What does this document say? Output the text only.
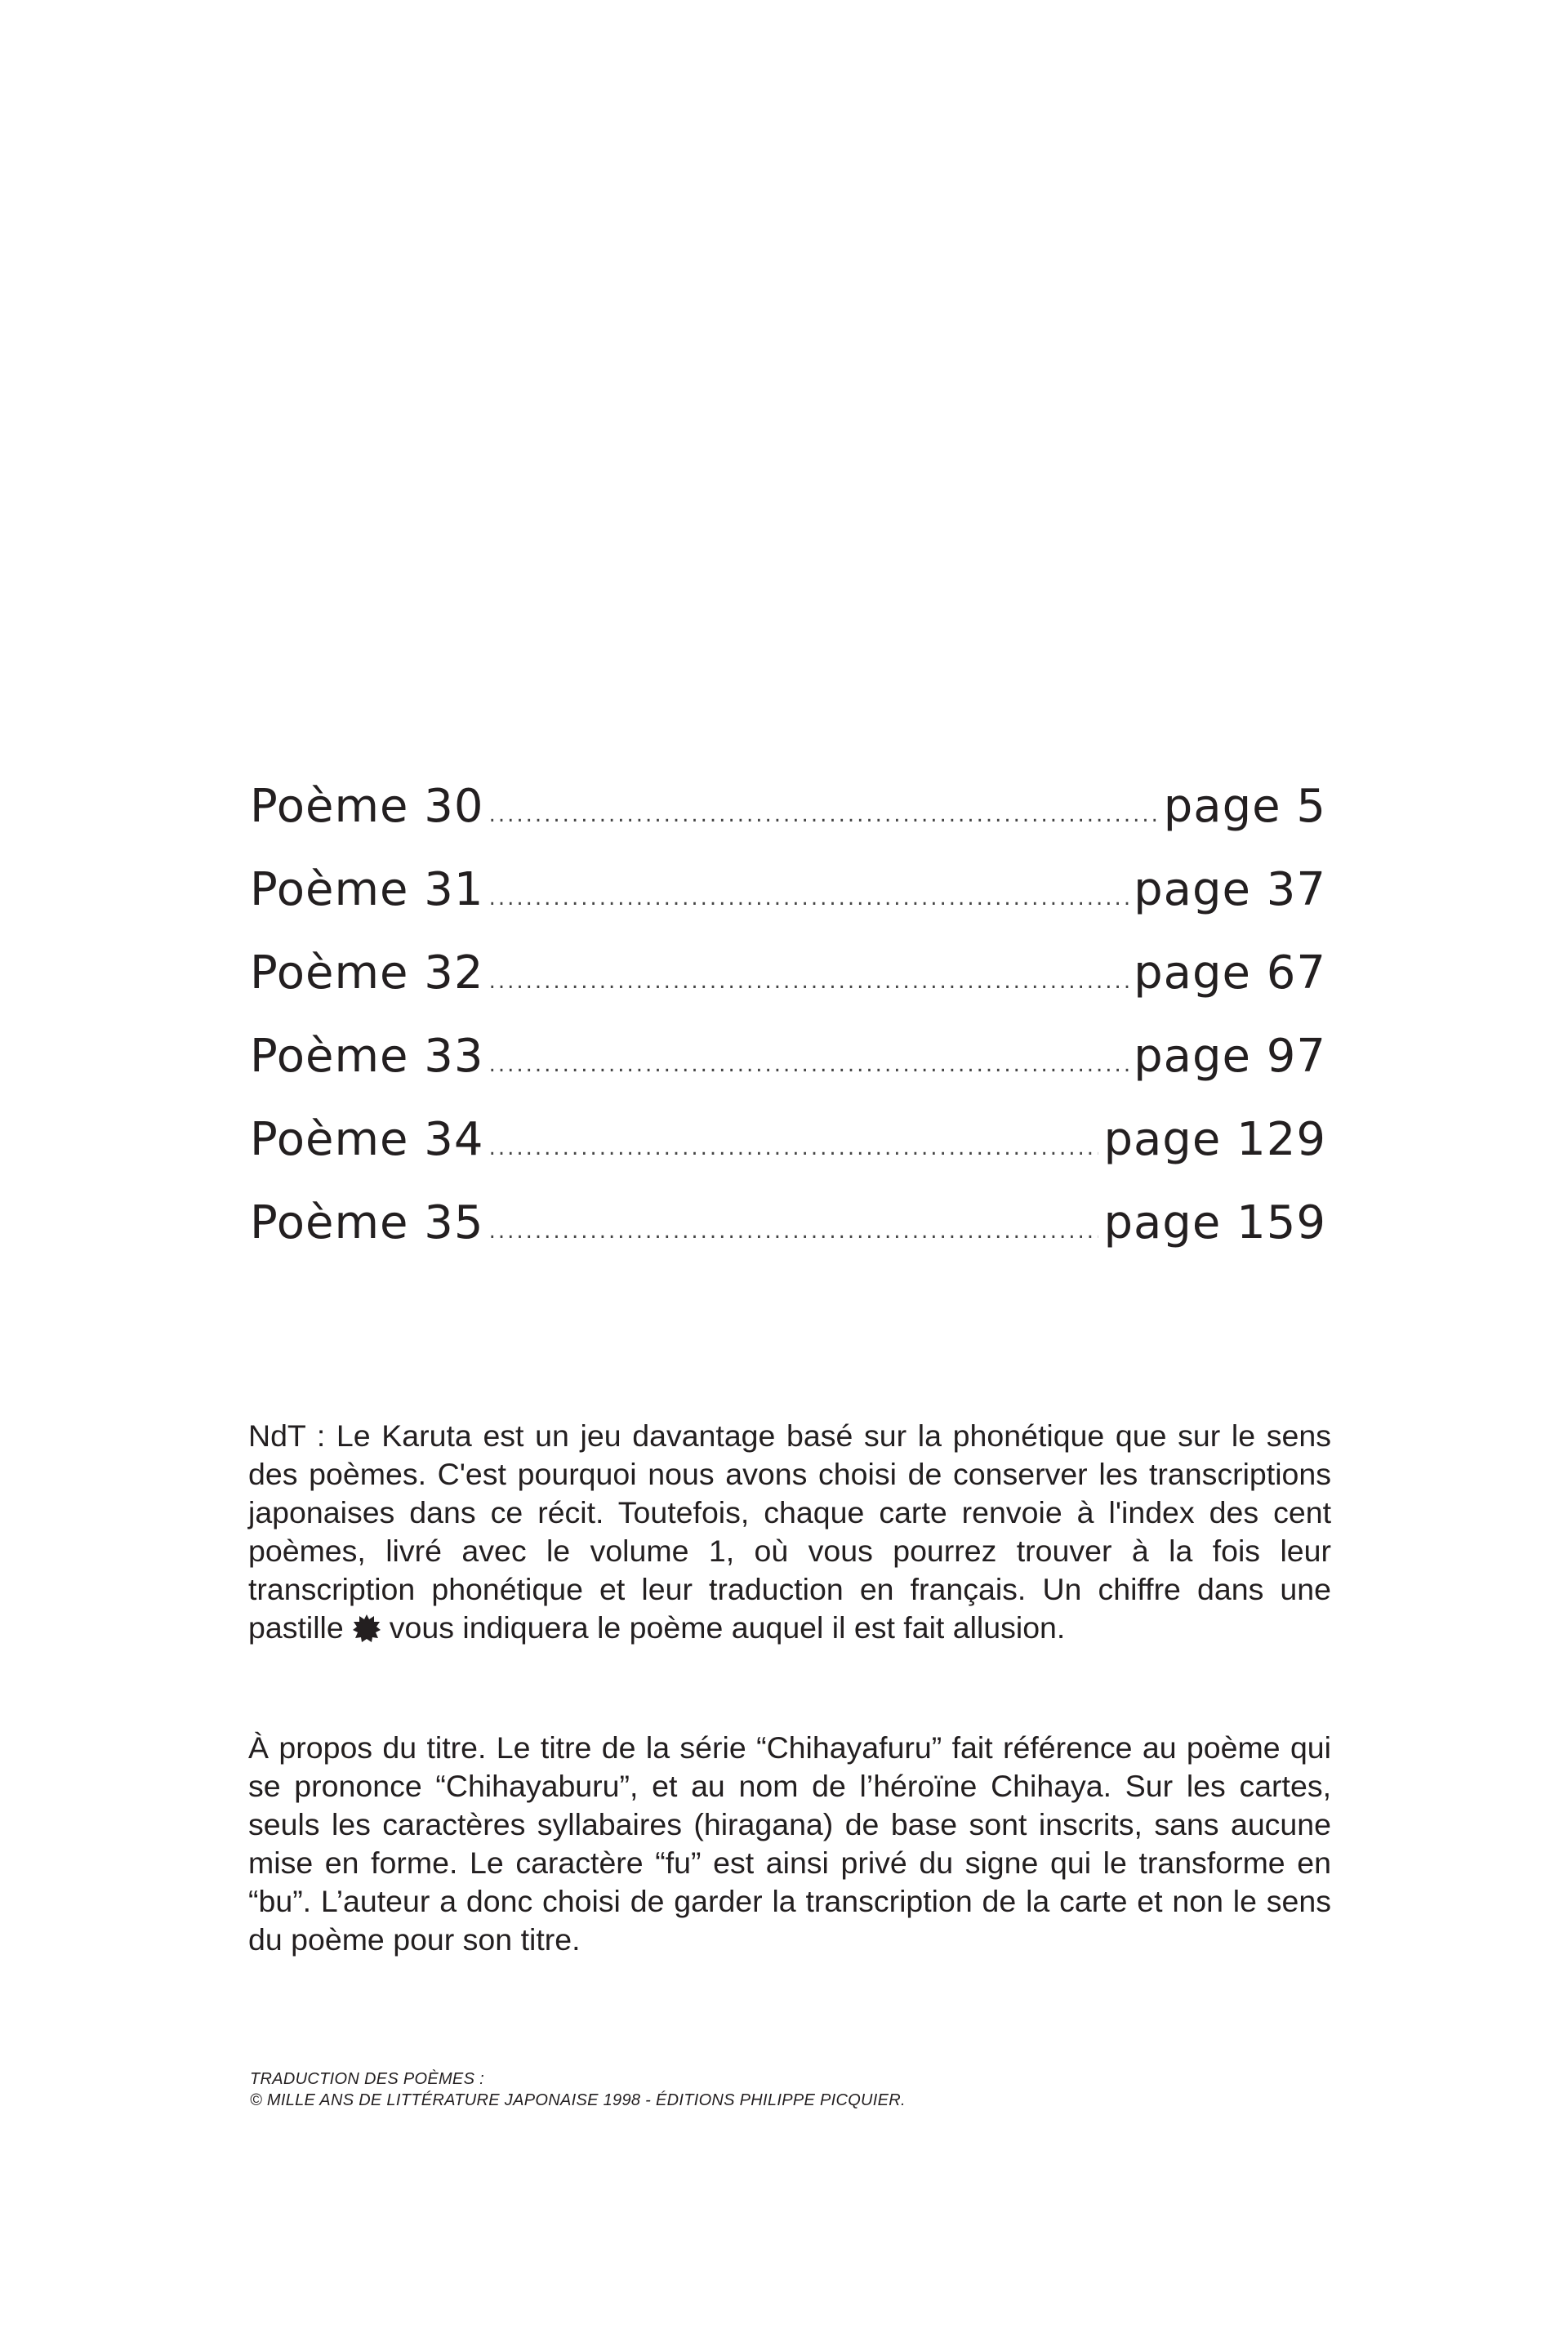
Poème 30 .....	page 5
Poème 31 .....	page 37
Poème 32 .....	page 67
Poème 33 .....	page 97
Poème 34 .....	page 129
Poème 35 .....	page 159

NdT : Le Karuta est un jeu davantage basé sur la phonétique que sur le sens des poèmes. C'est pourquoi nous avons choisi de conserver les transcriptions japonaises dans ce récit. Toutefois, chaque carte renvoie à l'index des cent poèmes, livré avec le volume 1, où vous pourrez trouver à la fois leur transcription phonétique et leur traduction en français. Un chiffre dans une pastille vous indiquera le poème auquel il est fait allusion.

À propos du titre. Le titre de la série “Chihayafuru” fait référence au poème qui se prononce “Chihayaburu”, et au nom de l’héroïne Chihaya. Sur les cartes, seuls les caractères syllabaires (hiragana) de base sont inscrits, sans aucune mise en forme. Le caractère “fu” est ainsi privé du signe qui le transforme en “bu”. L’auteur a donc choisi de garder la transcription de la carte et non le sens du poème pour son titre.

TRADUCTION DES POÈMES :
© MILLE ANS DE LITTÉRATURE JAPONAISE 1998 - ÉDITIONS PHILIPPE PICQUIER.
